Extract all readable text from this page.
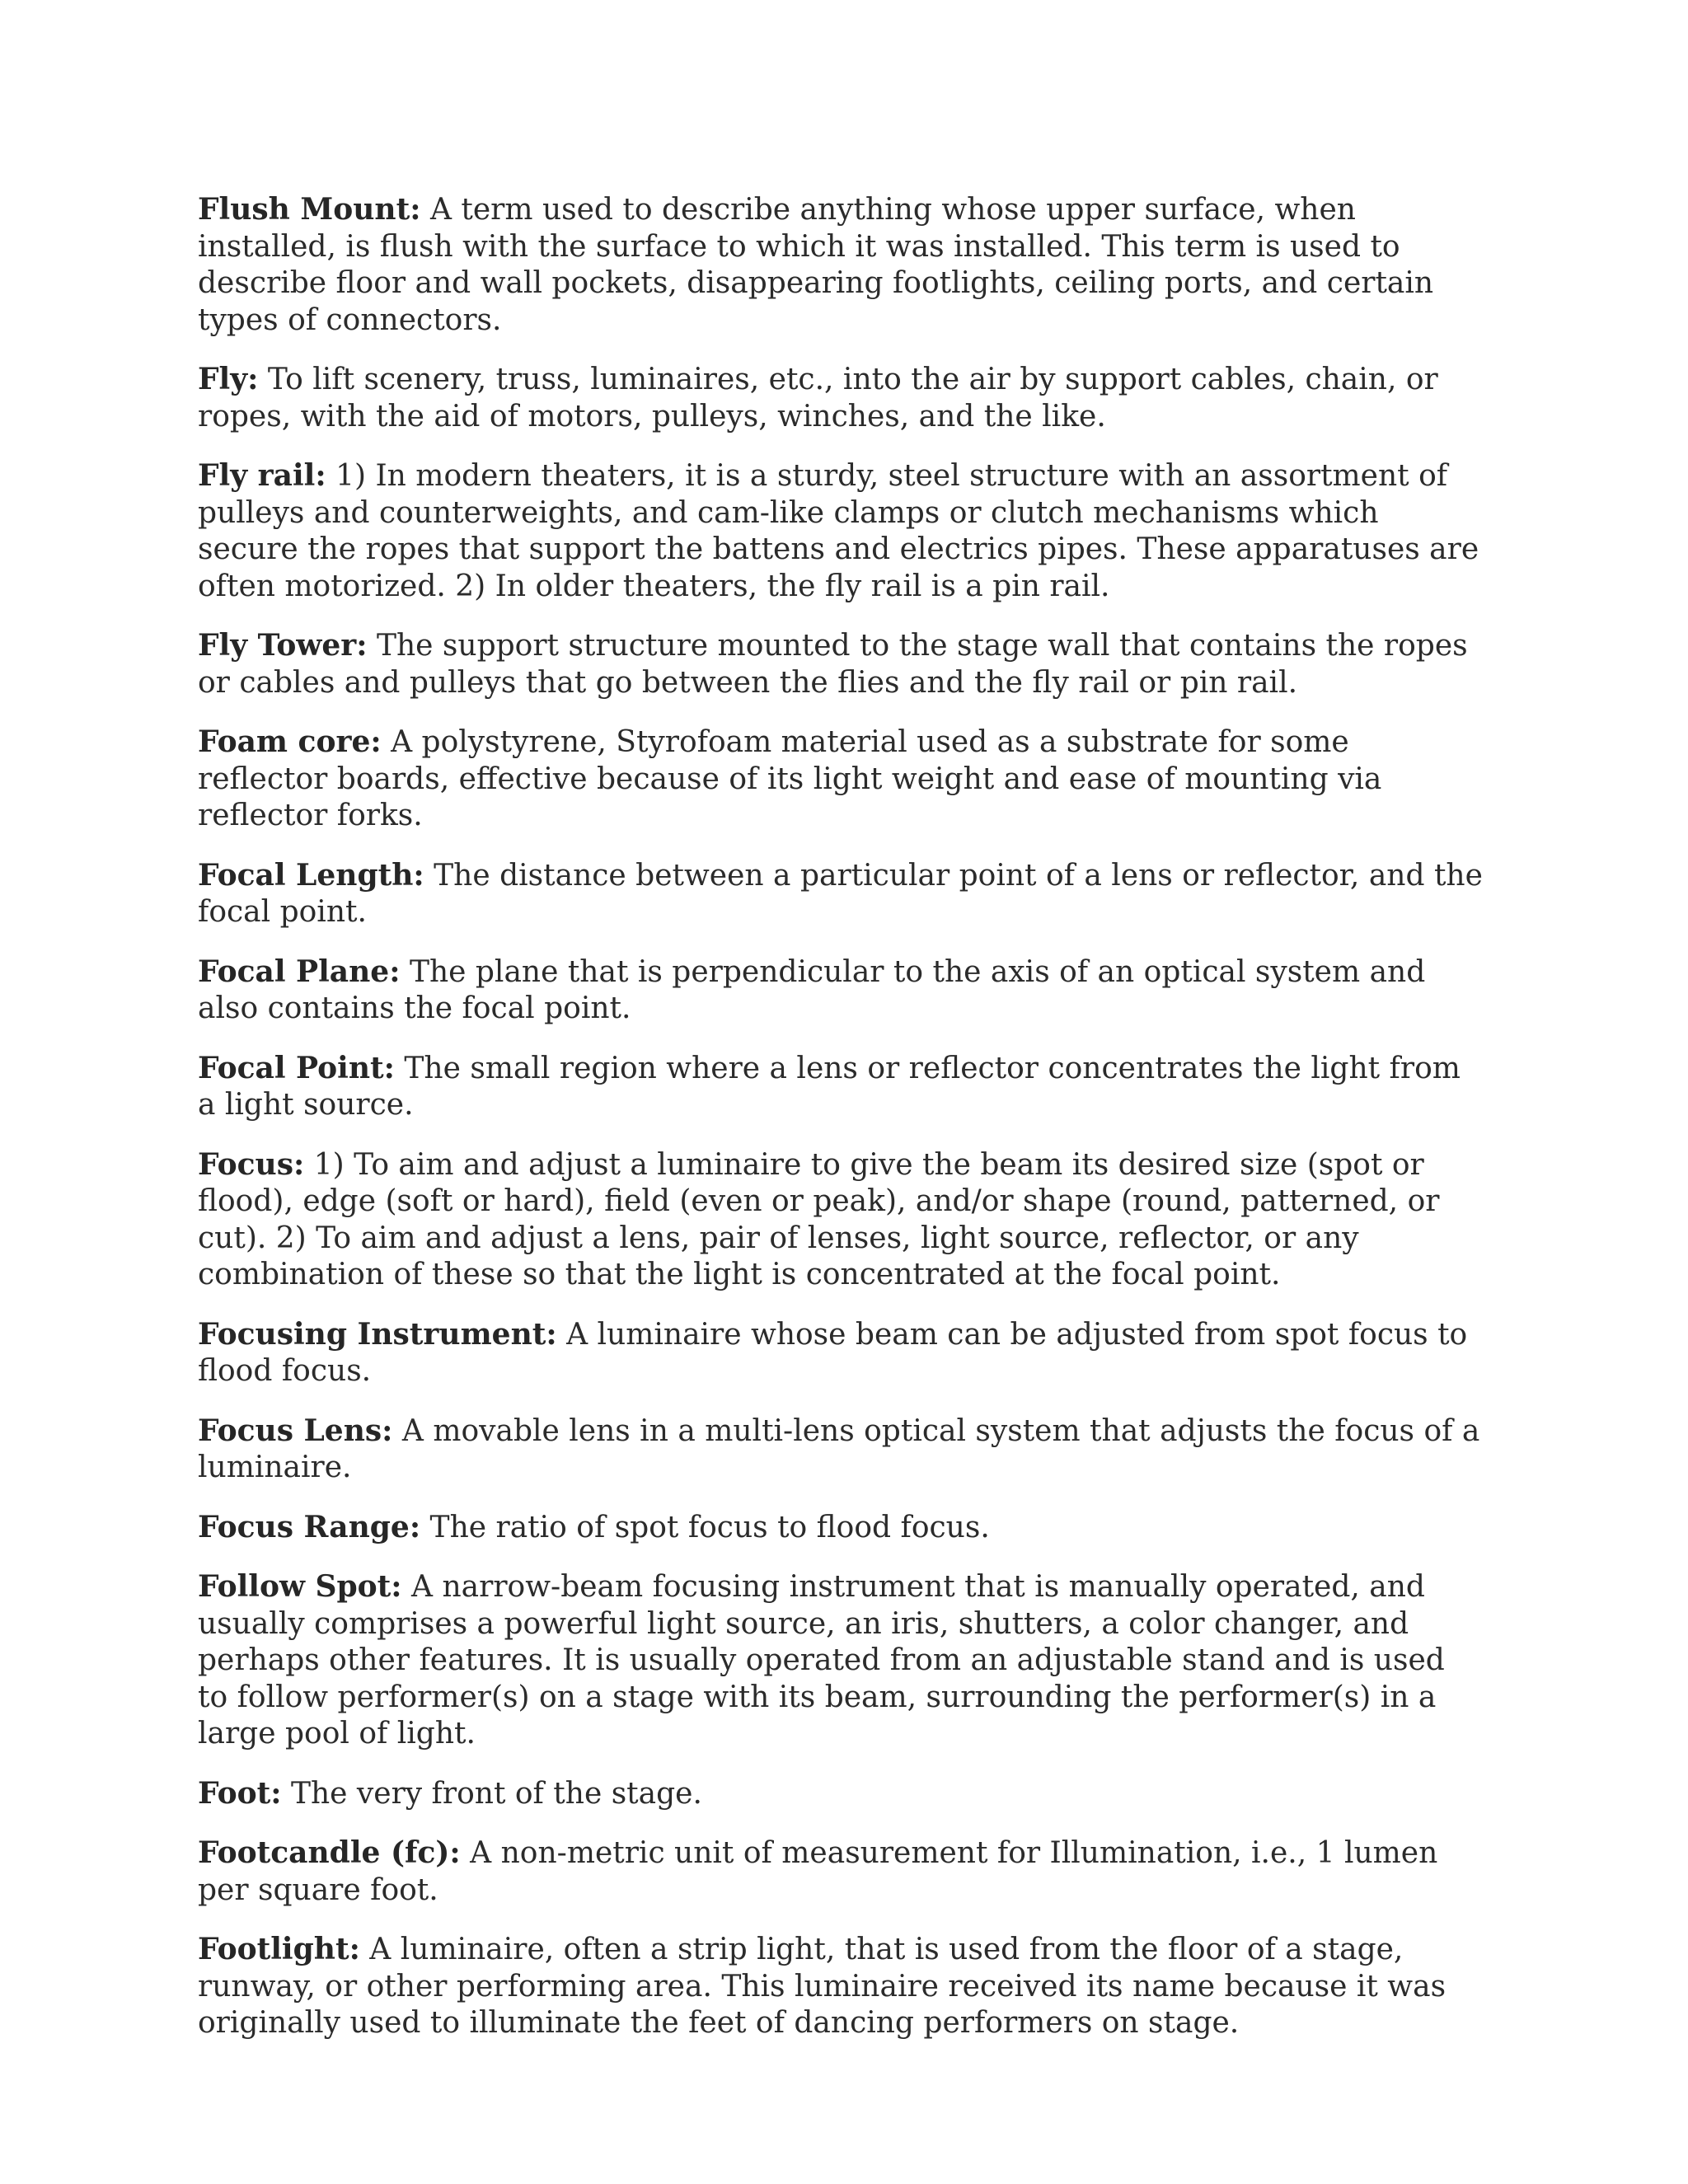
Flush Mount: A term used to describe anything whose upper surface, when installed, is flush with the surface to which it was installed. This term is used to describe floor and wall pockets, disappearing footlights, ceiling ports, and certain types of connectors.

Fly: To lift scenery, truss, luminaires, etc., into the air by support cables, chain, or ropes, with the aid of motors, pulleys, winches, and the like.

Fly rail: 1) In modern theaters, it is a sturdy, steel structure with an assortment of pulleys and counterweights, and cam-like clamps or clutch mechanisms which secure the ropes that support the battens and electrics pipes. These apparatuses are often motorized. 2) In older theaters, the fly rail is a pin rail.

Fly Tower: The support structure mounted to the stage wall that contains the ropes or cables and pulleys that go between the flies and the fly rail or pin rail.

Foam core: A polystyrene, Styrofoam material used as a substrate for some reflector boards, effective because of its light weight and ease of mounting via reflector forks.

Focal Length: The distance between a particular point of a lens or reflector, and the focal point.

Focal Plane: The plane that is perpendicular to the axis of an optical system and also contains the focal point.

Focal Point: The small region where a lens or reflector concentrates the light from a light source.

Focus: 1) To aim and adjust a luminaire to give the beam its desired size (spot or flood), edge (soft or hard), field (even or peak), and/or shape (round, patterned, or cut). 2) To aim and adjust a lens, pair of lenses, light source, reflector, or any combination of these so that the light is concentrated at the focal point.

Focusing Instrument: A luminaire whose beam can be adjusted from spot focus to flood focus.

Focus Lens: A movable lens in a multi-lens optical system that adjusts the focus of a luminaire.

Focus Range: The ratio of spot focus to flood focus.

Follow Spot: A narrow-beam focusing instrument that is manually operated, and usually comprises a powerful light source, an iris, shutters, a color changer, and perhaps other features. It is usually operated from an adjustable stand and is used to follow performer(s) on a stage with its beam, surrounding the performer(s) in a large pool of light.

Foot: The very front of the stage.

Footcandle (fc): A non-metric unit of measurement for Illumination, i.e., 1 lumen per square foot.

Footlight: A luminaire, often a strip light, that is used from the floor of a stage, runway, or other performing area. This luminaire received its name because it was originally used to illuminate the feet of dancing performers on stage.
